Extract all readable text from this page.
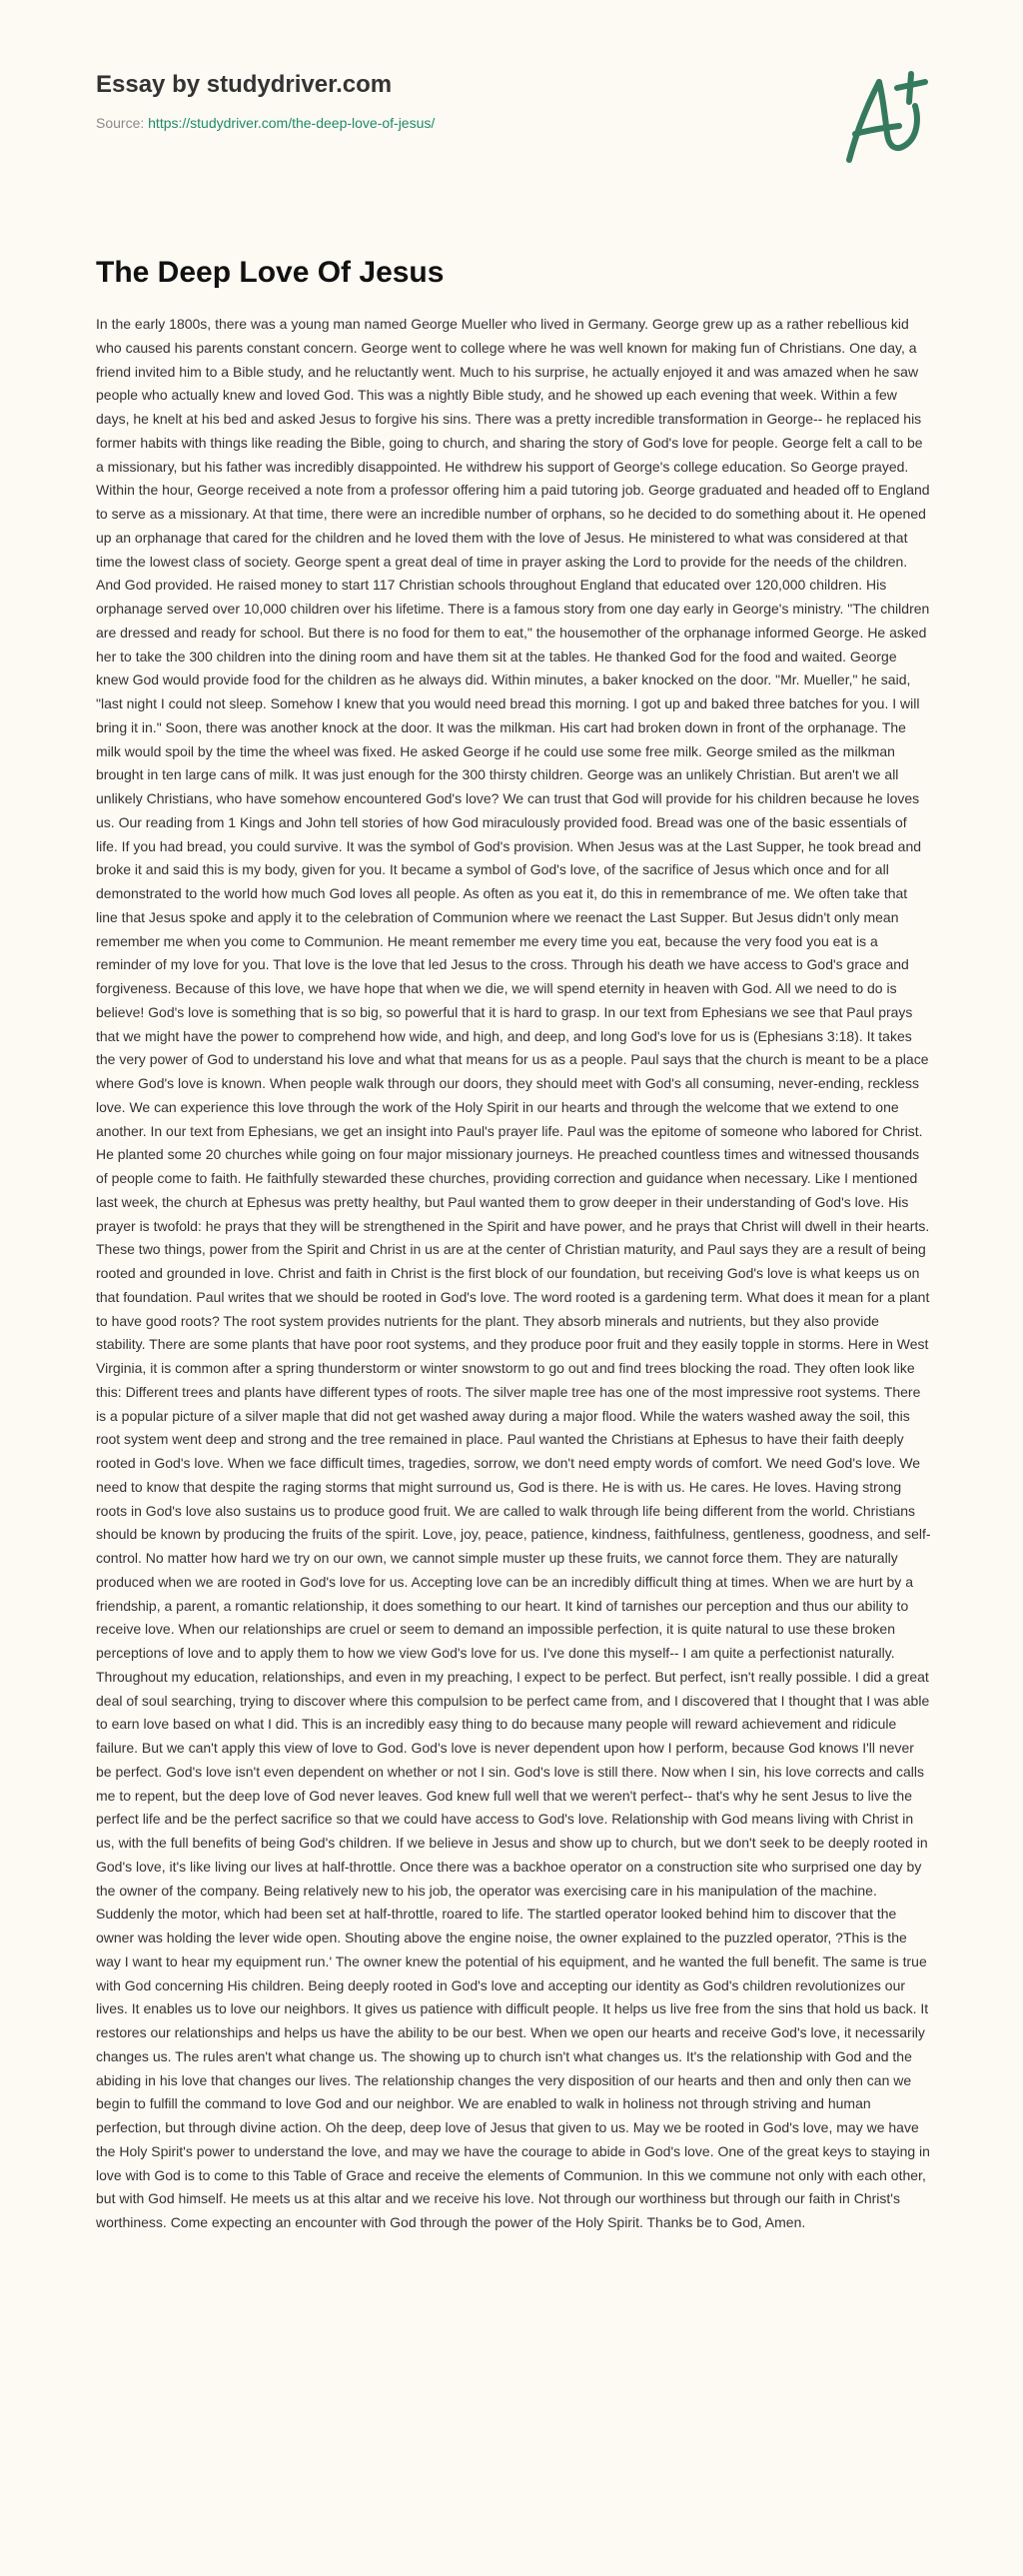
Essay by studydriver.com
Source: https://studydriver.com/the-deep-love-of-jesus/
The Deep Love Of Jesus

In the early 1800s, there was a young man named George Mueller who lived in Germany. George grew up as a rather rebellious kid who caused his parents constant concern. George went to college where he was well known for making fun of Christians. One day, a friend invited him to a Bible study, and he reluctantly went. Much to his surprise, he actually enjoyed it and was amazed when he saw people who actually knew and loved God. This was a nightly Bible study, and he showed up each evening that week. Within a few days, he knelt at his bed and asked Jesus to forgive his sins. There was a pretty incredible transformation in George-- he replaced his former habits with things like reading the Bible, going to church, and sharing the story of God's love for people. George felt a call to be a missionary, but his father was incredibly disappointed. He withdrew his support of George's college education. So George prayed. Within the hour, George received a note from a professor offering him a paid tutoring job. George graduated and headed off to England to serve as a missionary. At that time, there were an incredible number of orphans, so he decided to do something about it. He opened up an orphanage that cared for the children and he loved them with the love of Jesus. He ministered to what was considered at that time the lowest class of society. George spent a great deal of time in prayer asking the Lord to provide for the needs of the children. And God provided. He raised money to start 117 Christian schools throughout England that educated over 120,000 children. His orphanage served over 10,000 children over his lifetime. There is a famous story from one day early in George's ministry. "The children are dressed and ready for school. But there is no food for them to eat," the housemother of the orphanage informed George. He asked her to take the 300 children into the dining room and have them sit at the tables. He thanked God for the food and waited. George knew God would provide food for the children as he always did. Within minutes, a baker knocked on the door. "Mr. Mueller," he said, "last night I could not sleep. Somehow I knew that you would need bread this morning. I got up and baked three batches for you. I will bring it in." Soon, there was another knock at the door. It was the milkman. His cart had broken down in front of the orphanage. The milk would spoil by the time the wheel was fixed. He asked George if he could use some free milk. George smiled as the milkman brought in ten large cans of milk. It was just enough for the 300 thirsty children. George was an unlikely Christian. But aren't we all unlikely Christians, who have somehow encountered God's love? We can trust that God will provide for his children because he loves us. Our reading from 1 Kings and John tell stories of how God miraculously provided food. Bread was one of the basic essentials of life. If you had bread, you could survive. It was the symbol of God's provision. When Jesus was at the Last Supper, he took bread and broke it and said this is my body, given for you. It became a symbol of God's love, of the sacrifice of Jesus which once and for all demonstrated to the world how much God loves all people. As often as you eat it, do this in remembrance of me. We often take that line that Jesus spoke and apply it to the celebration of Communion where we reenact the Last Supper. But Jesus didn't only mean remember me when you come to Communion. He meant remember me every time you eat, because the very food you eat is a reminder of my love for you. That love is the love that led Jesus to the cross. Through his death we have access to God's grace and forgiveness. Because of this love, we have hope that when we die, we will spend eternity in heaven with God. All we need to do is believe! God's love is something that is so big, so powerful that it is hard to grasp. In our text from Ephesians we see that Paul prays that we might have the power to comprehend how wide, and high, and deep, and long God's love for us is (Ephesians 3:18). It takes the very power of God to understand his love and what that means for us as a people. Paul says that the church is meant to be a place where God's love is known. When people walk through our doors, they should meet with God's all consuming, never-ending, reckless love. We can experience this love through the work of the Holy Spirit in our hearts and through the welcome that we extend to one another. In our text from Ephesians, we get an insight into Paul's prayer life. Paul was the epitome of someone who labored for Christ. He planted some 20 churches while going on four major missionary journeys. He preached countless times and witnessed thousands of people come to faith. He faithfully stewarded these churches, providing correction and guidance when necessary. Like I mentioned last week, the church at Ephesus was pretty healthy, but Paul wanted them to grow deeper in their understanding of God's love. His prayer is twofold: he prays that they will be strengthened in the Spirit and have power, and he prays that Christ will dwell in their hearts. These two things, power from the Spirit and Christ in us are at the center of Christian maturity, and Paul says they are a result of being rooted and grounded in love. Christ and faith in Christ is the first block of our foundation, but receiving God's love is what keeps us on that foundation. Paul writes that we should be rooted in God's love. The word rooted is a gardening term. What does it mean for a plant to have good roots? The root system provides nutrients for the plant. They absorb minerals and nutrients, but they also provide stability. There are some plants that have poor root systems, and they produce poor fruit and they easily topple in storms. Here in West Virginia, it is common after a spring thunderstorm or winter snowstorm to go out and find trees blocking the road. They often look like this: Different trees and plants have different types of roots. The silver maple tree has one of the most impressive root systems. There is a popular picture of a silver maple that did not get washed away during a major flood. While the waters washed away the soil, this root system went deep and strong and the tree remained in place. Paul wanted the Christians at Ephesus to have their faith deeply rooted in God's love. When we face difficult times, tragedies, sorrow, we don't need empty words of comfort. We need God's love. We need to know that despite the raging storms that might surround us, God is there. He is with us. He cares. He loves. Having strong roots in God's love also sustains us to produce good fruit. We are called to walk through life being different from the world. Christians should be known by producing the fruits of the spirit. Love, joy, peace, patience, kindness, faithfulness, gentleness, goodness, and self-control. No matter how hard we try on our own, we cannot simple muster up these fruits, we cannot force them. They are naturally produced when we are rooted in God's love for us. Accepting love can be an incredibly difficult thing at times. When we are hurt by a friendship, a parent, a romantic relationship, it does something to our heart. It kind of tarnishes our perception and thus our ability to receive love. When our relationships are cruel or seem to demand an impossible perfection, it is quite natural to use these broken perceptions of love and to apply them to how we view God's love for us. I've done this myself-- I am quite a perfectionist naturally. Throughout my education, relationships, and even in my preaching, I expect to be perfect. But perfect, isn't really possible. I did a great deal of soul searching, trying to discover where this compulsion to be perfect came from, and I discovered that I thought that I was able to earn love based on what I did. This is an incredibly easy thing to do because many people will reward achievement and ridicule failure. But we can't apply this view of love to God. God's love is never dependent upon how I perform, because God knows I'll never be perfect. God's love isn't even dependent on whether or not I sin. God's love is still there. Now when I sin, his love corrects and calls me to repent, but the deep love of God never leaves. God knew full well that we weren't perfect-- that's why he sent Jesus to live the perfect life and be the perfect sacrifice so that we could have access to God's love. Relationship with God means living with Christ in us, with the full benefits of being God's children. If we believe in Jesus and show up to church, but we don't seek to be deeply rooted in God's love, it's like living our lives at half-throttle. Once there was a backhoe operator on a construction site who surprised one day by the owner of the company. Being relatively new to his job, the operator was exercising care in his manipulation of the machine. Suddenly the motor, which had been set at half-throttle, roared to life. The startled operator looked behind him to discover that the owner was holding the lever wide open. Shouting above the engine noise, the owner explained to the puzzled operator, ?This is the way I want to hear my equipment run.' The owner knew the potential of his equipment, and he wanted the full benefit. The same is true with God concerning His children. Being deeply rooted in God's love and accepting our identity as God's children revolutionizes our lives. It enables us to love our neighbors. It gives us patience with difficult people. It helps us live free from the sins that hold us back. It restores our relationships and helps us have the ability to be our best. When we open our hearts and receive God's love, it necessarily changes us. The rules aren't what change us. The showing up to church isn't what changes us. It's the relationship with God and the abiding in his love that changes our lives. The relationship changes the very disposition of our hearts and then and only then can we begin to fulfill the command to love God and our neighbor. We are enabled to walk in holiness not through striving and human perfection, but through divine action. Oh the deep, deep love of Jesus that given to us. May we be rooted in God's love, may we have the Holy Spirit's power to understand the love, and may we have the courage to abide in God's love. One of the great keys to staying in love with God is to come to this Table of Grace and receive the elements of Communion. In this we commune not only with each other, but with God himself. He meets us at this altar and we receive his love. Not through our worthiness but through our faith in Christ's worthiness. Come expecting an encounter with God through the power of the Holy Spirit. Thanks be to God, Amen.
